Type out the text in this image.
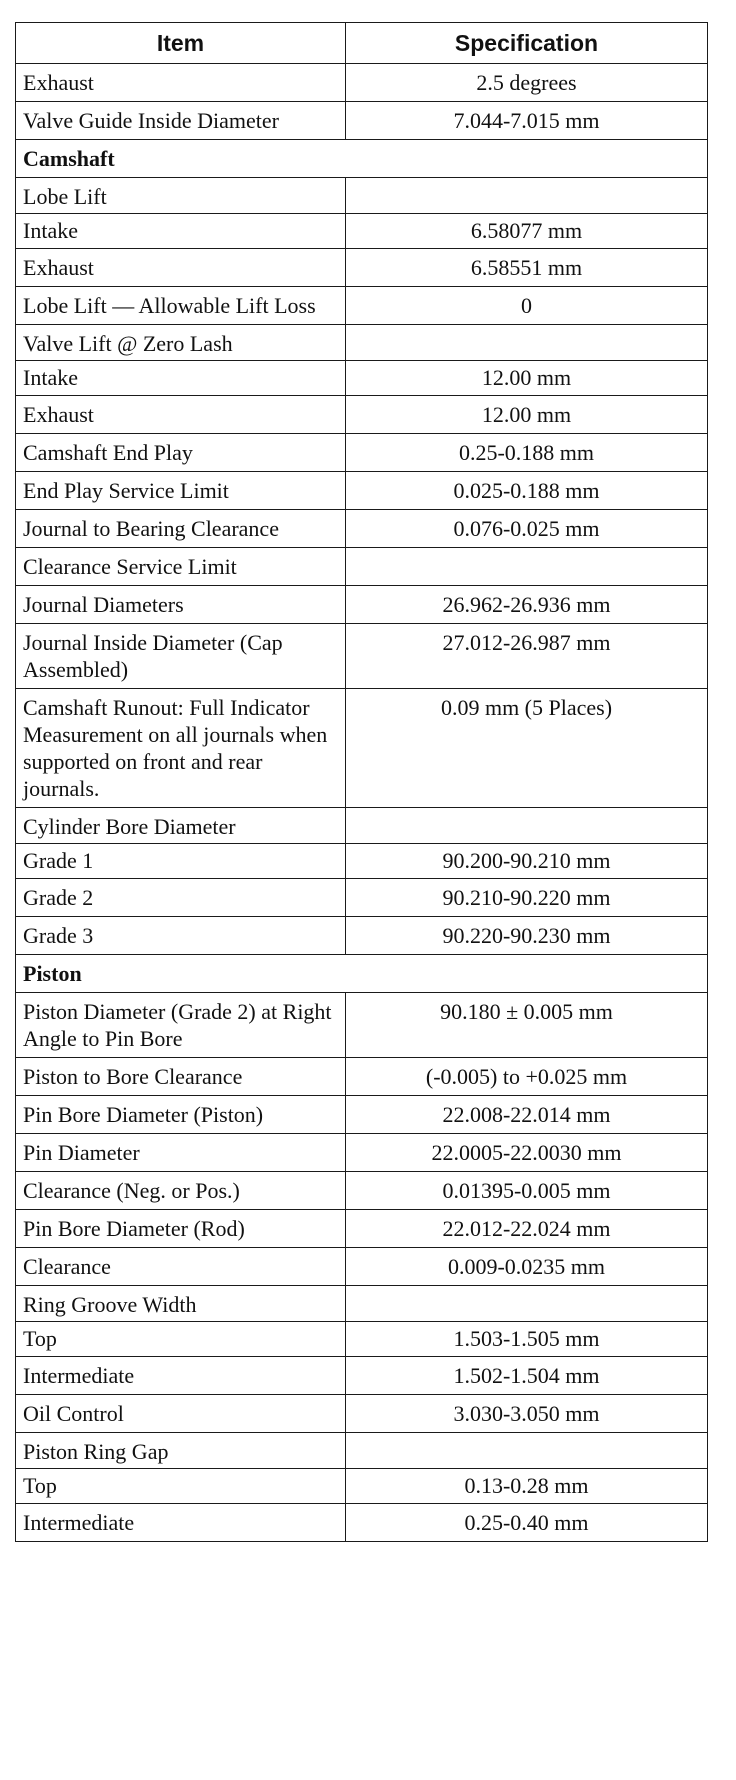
Item	Specification
Exhaust	2.5 degrees
Valve Guide Inside Diameter	7.044-7.015 mm
Camshaft	
Lobe Lift	
Intake	6.58077 mm
Exhaust	6.58551 mm
Lobe Lift — Allowable Lift Loss	0
Valve Lift @ Zero Lash	
Intake	12.00 mm
Exhaust	12.00 mm
Camshaft End Play	0.25-0.188 mm
End Play Service Limit	0.025-0.188 mm
Journal to Bearing Clearance	0.076-0.025 mm
Clearance Service Limit	
Journal Diameters	26.962-26.936 mm
Journal Inside Diameter (Cap Assembled)	27.012-26.987 mm
Camshaft Runout: Full Indicator Measurement on all journals when supported on front and rear journals.	0.09 mm (5 Places)
Cylinder Bore Diameter	
Grade 1	90.200-90.210 mm
Grade 2	90.210-90.220 mm
Grade 3	90.220-90.230 mm
Piston	
Piston Diameter (Grade 2) at Right Angle to Pin Bore	90.180 ± 0.005 mm
Piston to Bore Clearance	(-0.005) to +0.025 mm
Pin Bore Diameter (Piston)	22.008-22.014 mm
Pin Diameter	22.0005-22.0030 mm
Clearance (Neg. or Pos.)	0.01395-0.005 mm
Pin Bore Diameter (Rod)	22.012-22.024 mm
Clearance	0.009-0.0235 mm
Ring Groove Width	
Top	1.503-1.505 mm
Intermediate	1.502-1.504 mm
Oil Control	3.030-3.050 mm
Piston Ring Gap	
Top	0.13-0.28 mm
Intermediate	0.25-0.40 mm
